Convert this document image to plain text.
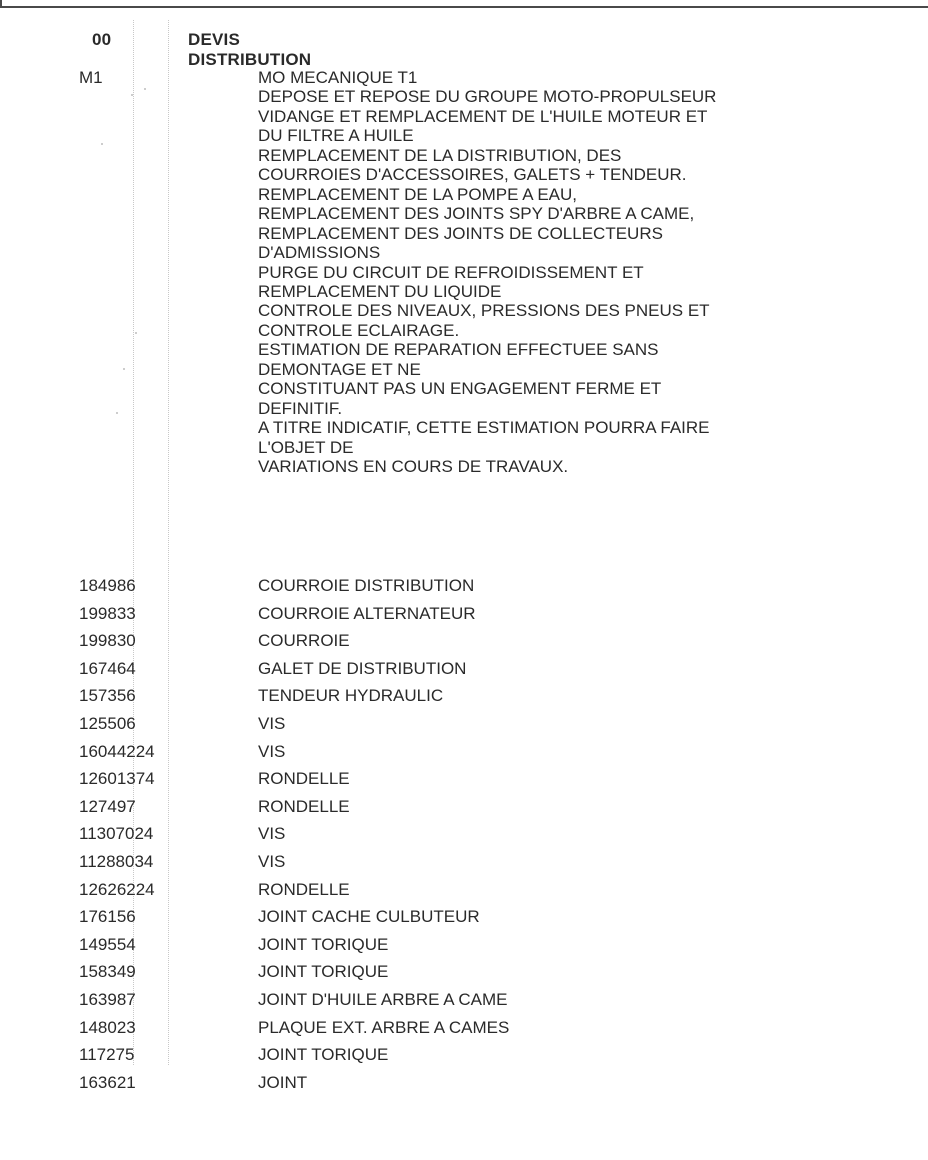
00	DEVIS DISTRIBUTION
M1	MO MECANIQUE T1
DEPOSE ET REPOSE DU GROUPE MOTO-PROPULSEUR
VIDANGE ET REMPLACEMENT DE L'HUILE MOTEUR ET
DU FILTRE A HUILE
REMPLACEMENT DE LA DISTRIBUTION, DES
COURROIES D'ACCESSOIRES, GALETS + TENDEUR.
REMPLACEMENT DE LA POMPE A EAU,
REMPLACEMENT DES JOINTS SPY D'ARBRE A CAME,
REMPLACEMENT DES JOINTS DE COLLECTEURS
D'ADMISSIONS
PURGE DU CIRCUIT DE REFROIDISSEMENT ET
REMPLACEMENT DU LIQUIDE
CONTROLE DES NIVEAUX, PRESSIONS DES PNEUS ET
CONTROLE ECLAIRAGE.
ESTIMATION DE REPARATION EFFECTUEE SANS
DEMONTAGE ET NE
CONSTITUANT PAS UN ENGAGEMENT FERME ET
DEFINITIF.
A TITRE INDICATIF, CETTE ESTIMATION POURRA FAIRE
L'OBJET DE
VARIATIONS EN COURS DE TRAVAUX.
184986	COURROIE DISTRIBUTION
199833	COURROIE ALTERNATEUR
199830	COURROIE
167464	GALET DE DISTRIBUTION
157356	TENDEUR HYDRAULIC
125506	VIS
16044224	VIS
12601374	RONDELLE
127497	RONDELLE
11307024	VIS
11288034	VIS
12626224	RONDELLE
176156	JOINT CACHE CULBUTEUR
149554	JOINT TORIQUE
158349	JOINT TORIQUE
163987	JOINT D'HUILE ARBRE A CAME
148023	PLAQUE EXT. ARBRE A CAMES
117275	JOINT TORIQUE
163621	JOINT
